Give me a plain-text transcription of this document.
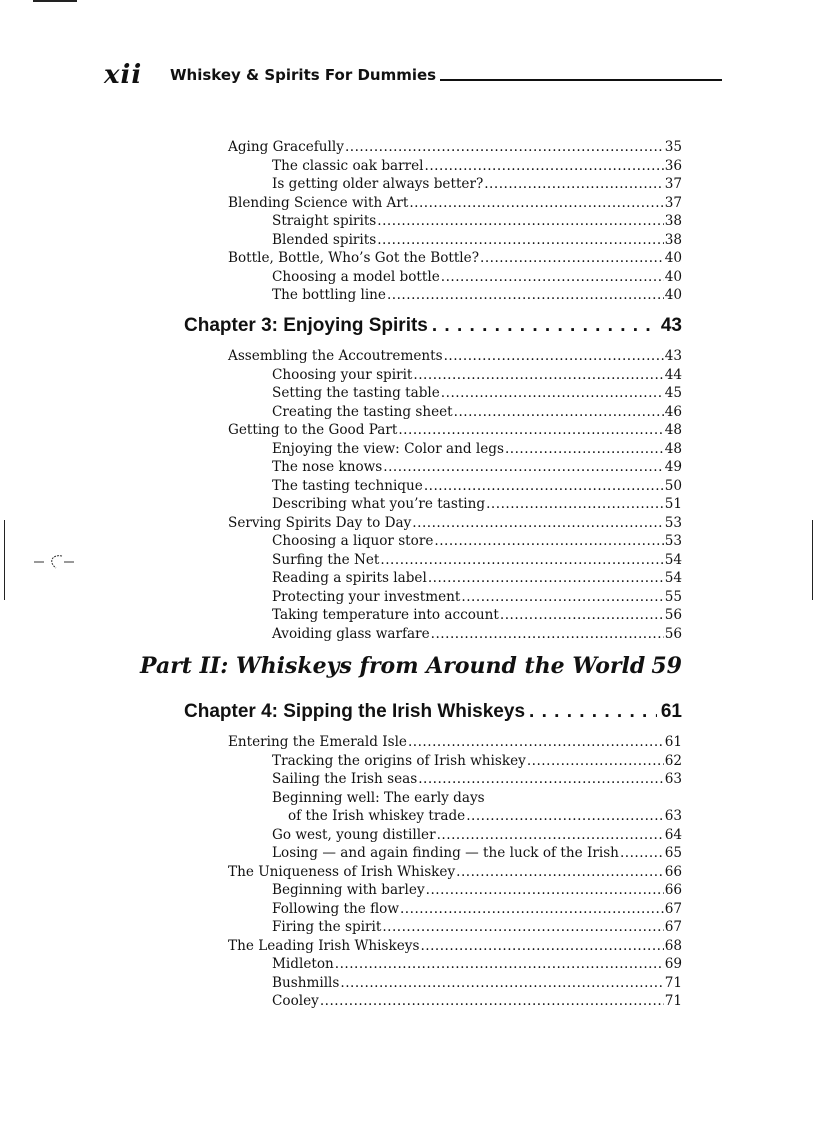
xii Whiskey & Spirits For Dummies
Aging Gracefully .....	35
The classic oak barrel .....	36
Is getting older always better? .....	37
Blending Science with Art .....	37
Straight spirits .....	38
Blended spirits .....	38
Bottle, Bottle, Who’s Got the Bottle? .....	40
Choosing a model bottle .....	40
The bottling line .....	40
Chapter 3: Enjoying Spirits . . .	43
Assembling the Accoutrements .....	43
Choosing your spirit .....	44
Setting the tasting table .....	45
Creating the tasting sheet .....	46
Getting to the Good Part .....	48
Enjoying the view: Color and legs .....	48
The nose knows .....	49
The tasting technique .....	50
Describing what you’re tasting .....	51
Serving Spirits Day to Day .....	53
Choosing a liquor store .....	53
Surfing the Net .....	54
Reading a spirits label .....	54
Protecting your investment .....	55
Taking temperature into account .....	56
Avoiding glass warfare .....	56
Part II: Whiskeys from Around the World ..... 59
Chapter 4: Sipping the Irish Whiskeys . . .	61
Entering the Emerald Isle .....	61
Tracking the origins of Irish whiskey .....	62
Sailing the Irish seas .....	63
Beginning well: The early days
of the Irish whiskey trade .....	63
Go west, young distiller .....	64
Losing — and again finding — the luck of the Irish .....	65
The Uniqueness of Irish Whiskey .....	66
Beginning with barley .....	66
Following the flow .....	67
Firing the spirit .....	67
The Leading Irish Whiskeys .....	68
Midleton .....	69
Bushmills .....	71
Cooley .....	71
